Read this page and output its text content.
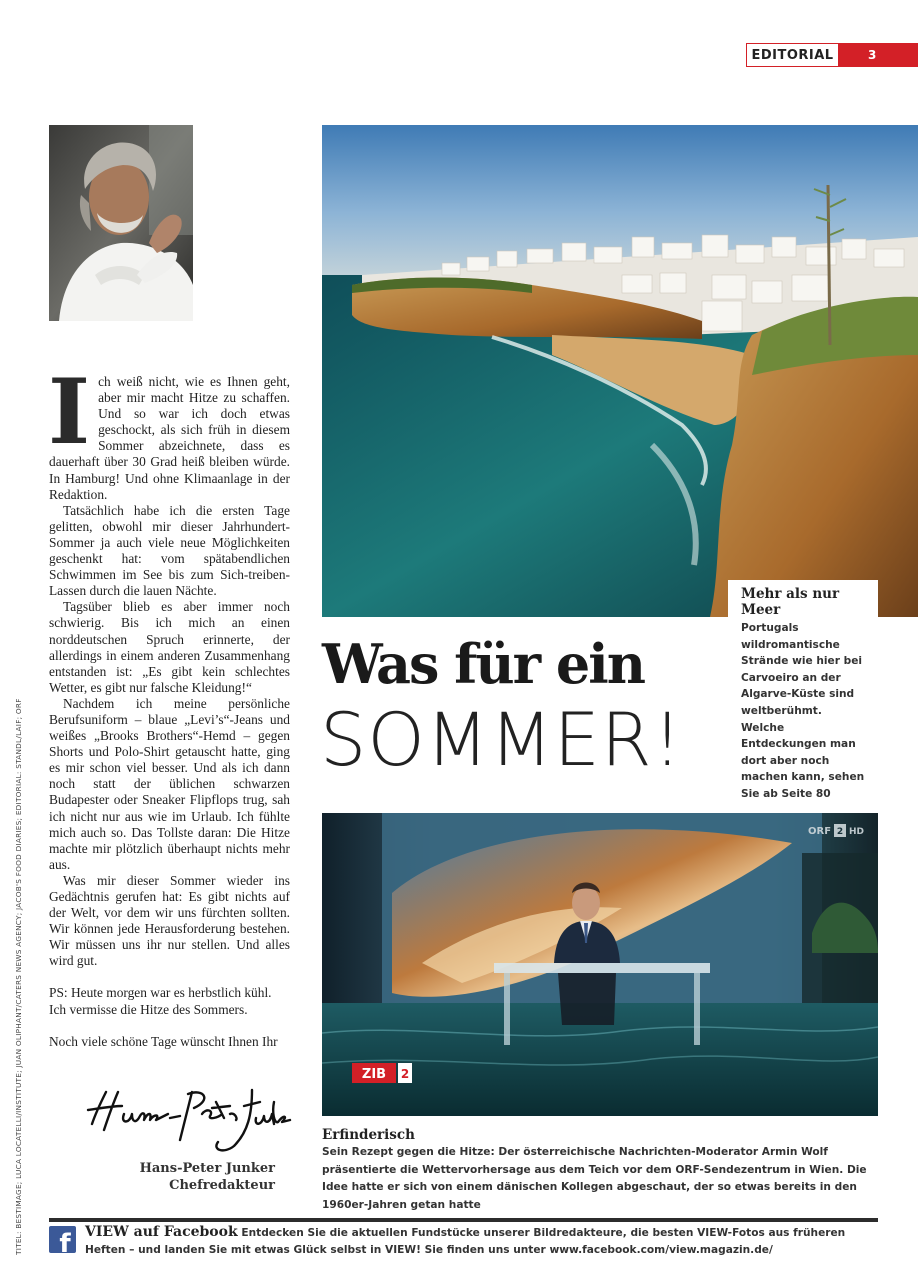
EDITORIAL	3
TITEL: BESTIMAGE; LUCA LOCATELLI/INSTITUTE; JUAN OLIPHANT/CATERS NEWS AGENCY; JACOB'S FOOD DIARIES; EDITORIAL: STANDL/LAIF; ORF

Ich weiß nicht, wie es Ihnen geht, aber mir macht Hitze zu schaffen. Und so war ich doch etwas geschockt, als sich früh in diesem Sommer abzeichnete, dass es dauerhaft über 30 Grad heiß bleiben würde. In Hamburg! Und ohne Klimaanlage in der Redaktion.

Tatsächlich habe ich die ersten Tage gelitten, obwohl mir dieser Jahrhundert-Sommer ja auch viele neue Möglichkeiten geschenkt hat: vom spätabendlichen Schwimmen im See bis zum Sich-treiben-Lassen durch die lauen Nächte.

Tagsüber blieb es aber immer noch schwierig. Bis ich mich an einen norddeutschen Spruch erinnerte, der allerdings in einem anderen Zusammenhang entstanden ist: „Es gibt kein schlechtes Wetter, es gibt nur falsche Kleidung!“

Nachdem ich meine persönliche Berufsuniform – blaue „Levi’s“-Jeans und weißes „Brooks Brothers“-Hemd – gegen Shorts und Polo-Shirt getauscht hatte, ging es mir schon viel besser. Und als ich dann noch statt der üblichen schwarzen Budapester oder Sneaker Flipflops trug, sah ich nicht nur aus wie im Urlaub. Ich fühlte mich auch so. Das Tollste daran: Die Hitze machte mir plötzlich überhaupt nichts mehr aus.

Was mir dieser Sommer wieder ins Gedächtnis gerufen hat: Es gibt nichts auf der Welt, vor dem wir uns fürchten sollten. Wir können jede Herausforderung bestehen. Wir müssen uns ihr nur stellen. Und alles wird gut.

PS: Heute morgen war es herbstlich kühl. Ich vermisse die Hitze des Sommers.

Noch viele schöne Tage wünscht Ihnen Ihr

Hans-Peter Junker
Chefredakteur
Mehr als nur Meer
Portugals wildromantische Strände wie hier bei Carvoeiro an der Algarve-Küste sind weltberühmt. Welche Entdeckungen man dort aber noch machen kann, sehen Sie ab Seite 80
Was für ein
SOMMER!
ZIB 2
ORF 2 HD
Erfinderisch
Sein Rezept gegen die Hitze: Der österreichische Nachrichten-Moderator Armin Wolf präsentierte die Wettervorhersage aus dem Teich vor dem ORF-Sendezentrum in Wien. Die Idee hatte er sich von einem dänischen Kollegen abgeschaut, der so etwas bereits in den 1960er-Jahren getan hatte
f VIEW auf Facebook Entdecken Sie die aktuellen Fundstücke unserer Bildredakteure, die besten VIEW-Fotos aus früheren Heften – und landen Sie mit etwas Glück selbst in VIEW! Sie finden uns unter www.facebook.com/view.magazin.de/
